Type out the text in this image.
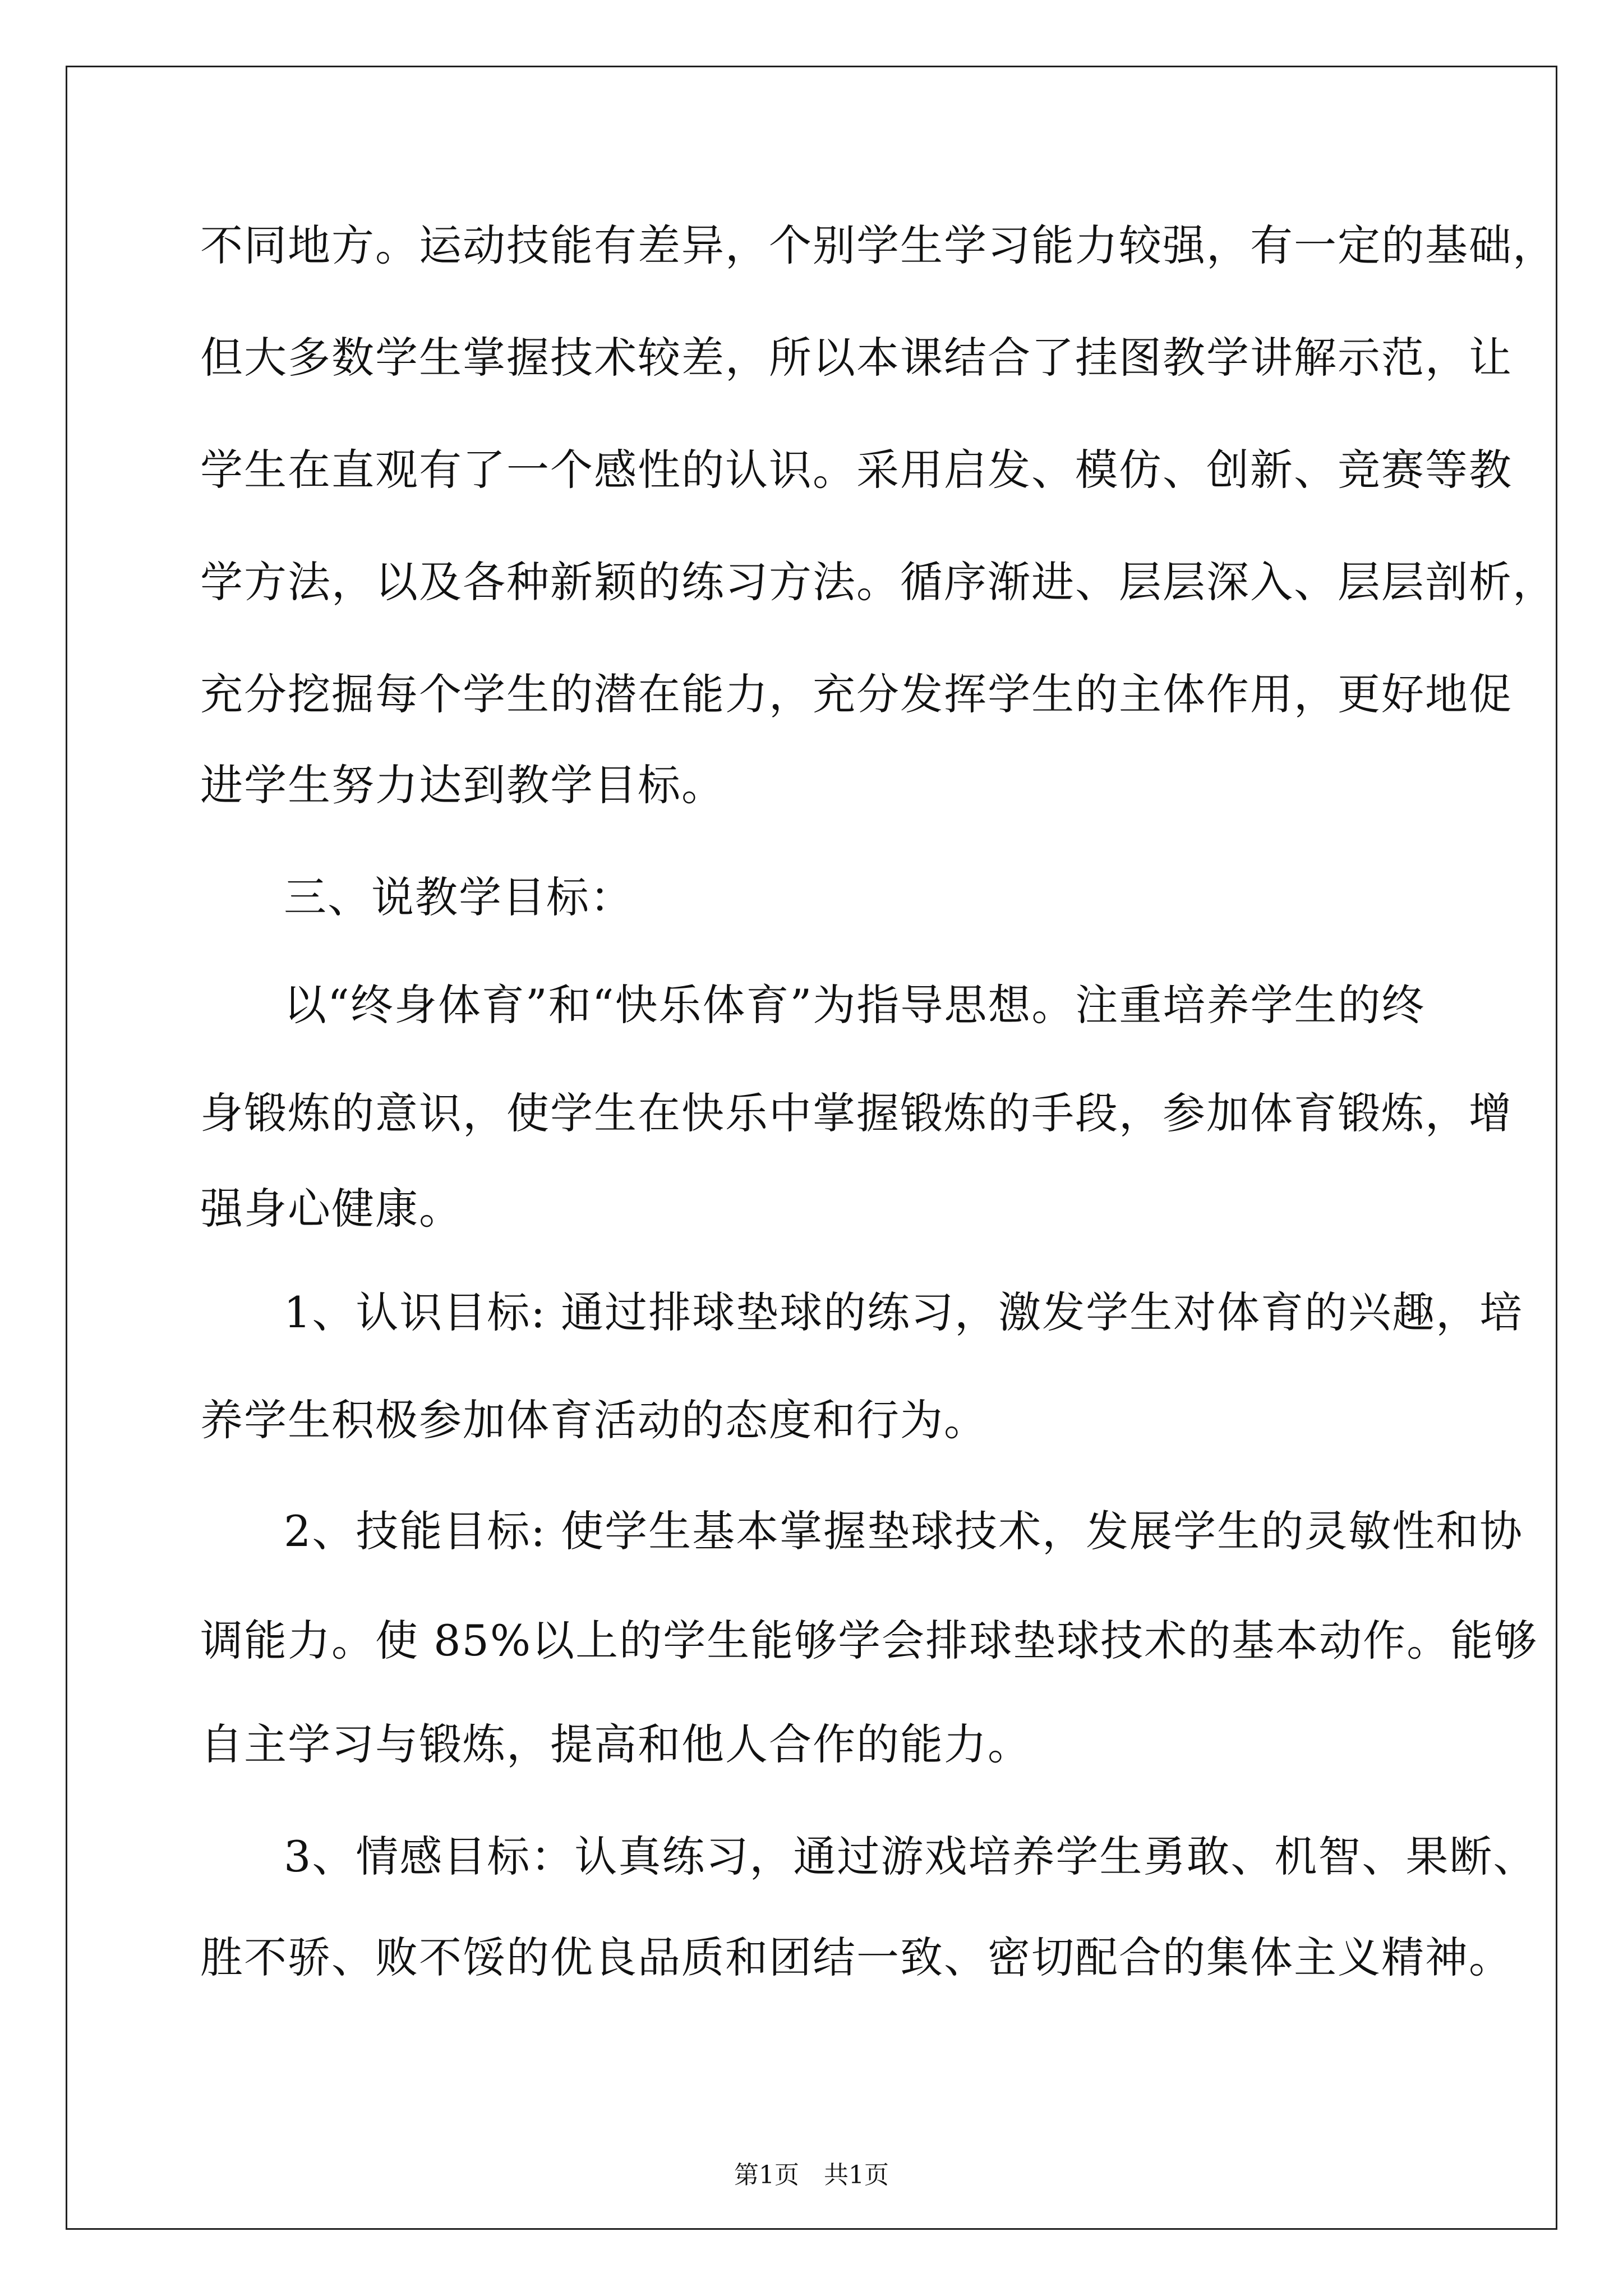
不同地方。运动技能有差异，个别学生学习能力较强，有一定的基础，
但大多数学生掌握技术较差，所以本课结合了挂图教学讲解示范，让
学生在直观有了一个感性的认识。采用启发、模仿、创新、竞赛等教
学方法，以及各种新颖的练习方法。循序渐进、层层深入、层层剖析，
充分挖掘每个学生的潜在能力，充分发挥学生的主体作用，更好地促
进学生努力达到教学目标。
三、说教学目标：
以“终身体育”和“快乐体育”为指导思想。注重培养学生的终
身锻炼的意识，使学生在快乐中掌握锻炼的手段，参加体育锻炼，增
强身心健康。
1、认识目标: 通过排球垫球的练习，激发学生对体育的兴趣，培
养学生积极参加体育活动的态度和行为。
2、技能目标: 使学生基本掌握垫球技术，发展学生的灵敏性和协
调能力。使 85%以上的学生能够学会排球垫球技术的基本动作。能够
自主学习与锻炼，提高和他人合作的能力。
3、情感目标：认真练习，通过游戏培养学生勇敢、机智、果断、
胜不骄、败不馁的优良品质和团结一致、密切配合的集体主义精神。
第1页　共1页
